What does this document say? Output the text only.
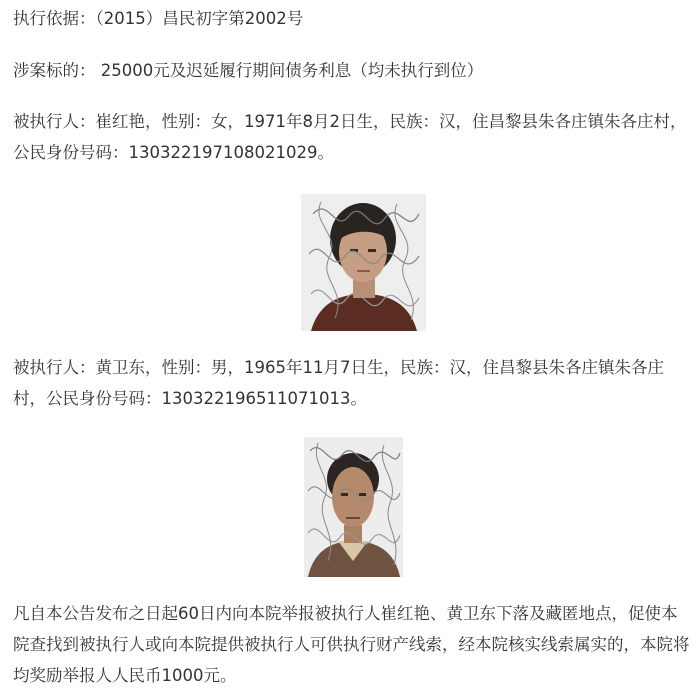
执行依据：（2015）昌民初字第2002号

涉案标的： 25000元及迟延履行期间债务利息（均未执行到位）

被执行人：崔红艳，性别：女，1971年8月2日生，民族：汉，住昌黎县朱各庄镇朱各庄村，公民身份号码：130322197108021029。

被执行人：黄卫东，性别：男，1965年11月7日生，民族：汉，住昌黎县朱各庄镇朱各庄村，公民身份号码：130322196511071013。

凡自本公告发布之日起60日内向本院举报被执行人崔红艳、黄卫东下落及藏匿地点，促使本院查找到被执行人或向本院提供被执行人可供执行财产线索，经本院核实线索属实的，本院将均奖励举报人人民币1000元。
